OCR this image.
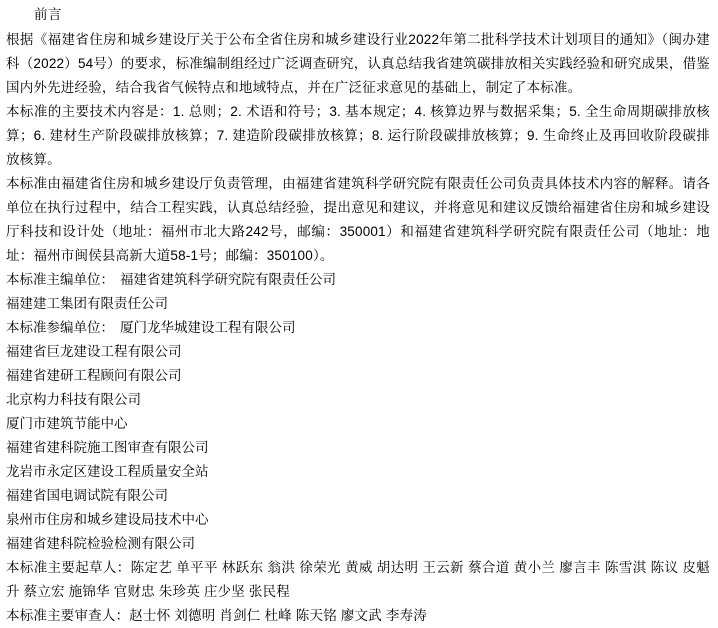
前言

根据《福建省住房和城乡建设厅关于公布全省住房和城乡建设行业2022年第二批科学技术计划项目的通知》（闽办建科（2022）54号）的要求，标准编制组经过广泛调查研究，认真总结我省建筑碳排放相关实践经验和研究成果，借鉴国内外先进经验，结合我省气候特点和地域特点，并在广泛征求意见的基础上，制定了本标准。

本标准的主要技术内容是：1. 总则；2. 术语和符号；3. 基本规定；4. 核算边界与数据采集；5. 全生命周期碳排放核算；6. 建材生产阶段碳排放核算；7. 建造阶段碳排放核算；8. 运行阶段碳排放核算；9. 生命终止及再回收阶段碳排放核算。

本标准由福建省住房和城乡建设厅负责管理，由福建省建筑科学研究院有限责任公司负责具体技术内容的解释。请各单位在执行过程中，结合工程实践，认真总结经验，提出意见和建议，并将意见和建议反馈给福建省住房和城乡建设厅科技和设计处（地址：福州市北大路242号，邮编：350001）和福建省建筑科学研究院有限责任公司（地址：地址：福州市闽侯县高新大道58-1号；邮编：350100）。

本标准主编单位： 福建省建筑科学研究院有限责任公司
福建建工集团有限责任公司
本标准参编单位： 厦门龙华城建设工程有限公司
福建省巨龙建设工程有限公司
福建省建研工程顾问有限公司
北京构力科技有限公司
厦门市建筑节能中心
福建省建科院施工图审查有限公司
龙岩市永定区建设工程质量安全站
福建省国电调试院有限公司
泉州市住房和城乡建设局技术中心
福建省建科院检验检测有限公司

本标准主要起草人：陈定艺 单平平 林跃东 翁洪 徐荣光 黄威 胡达明 王云新 蔡合道 黄小兰 廖言丰 陈雪淇 陈议 皮魁升 蔡立宏 施锦华 官财忠 朱珍英 庄少坚 张民程

本标准主要审查人：赵士怀 刘德明 肖剑仁 杜峰 陈天铭 廖文武 李寿涛
